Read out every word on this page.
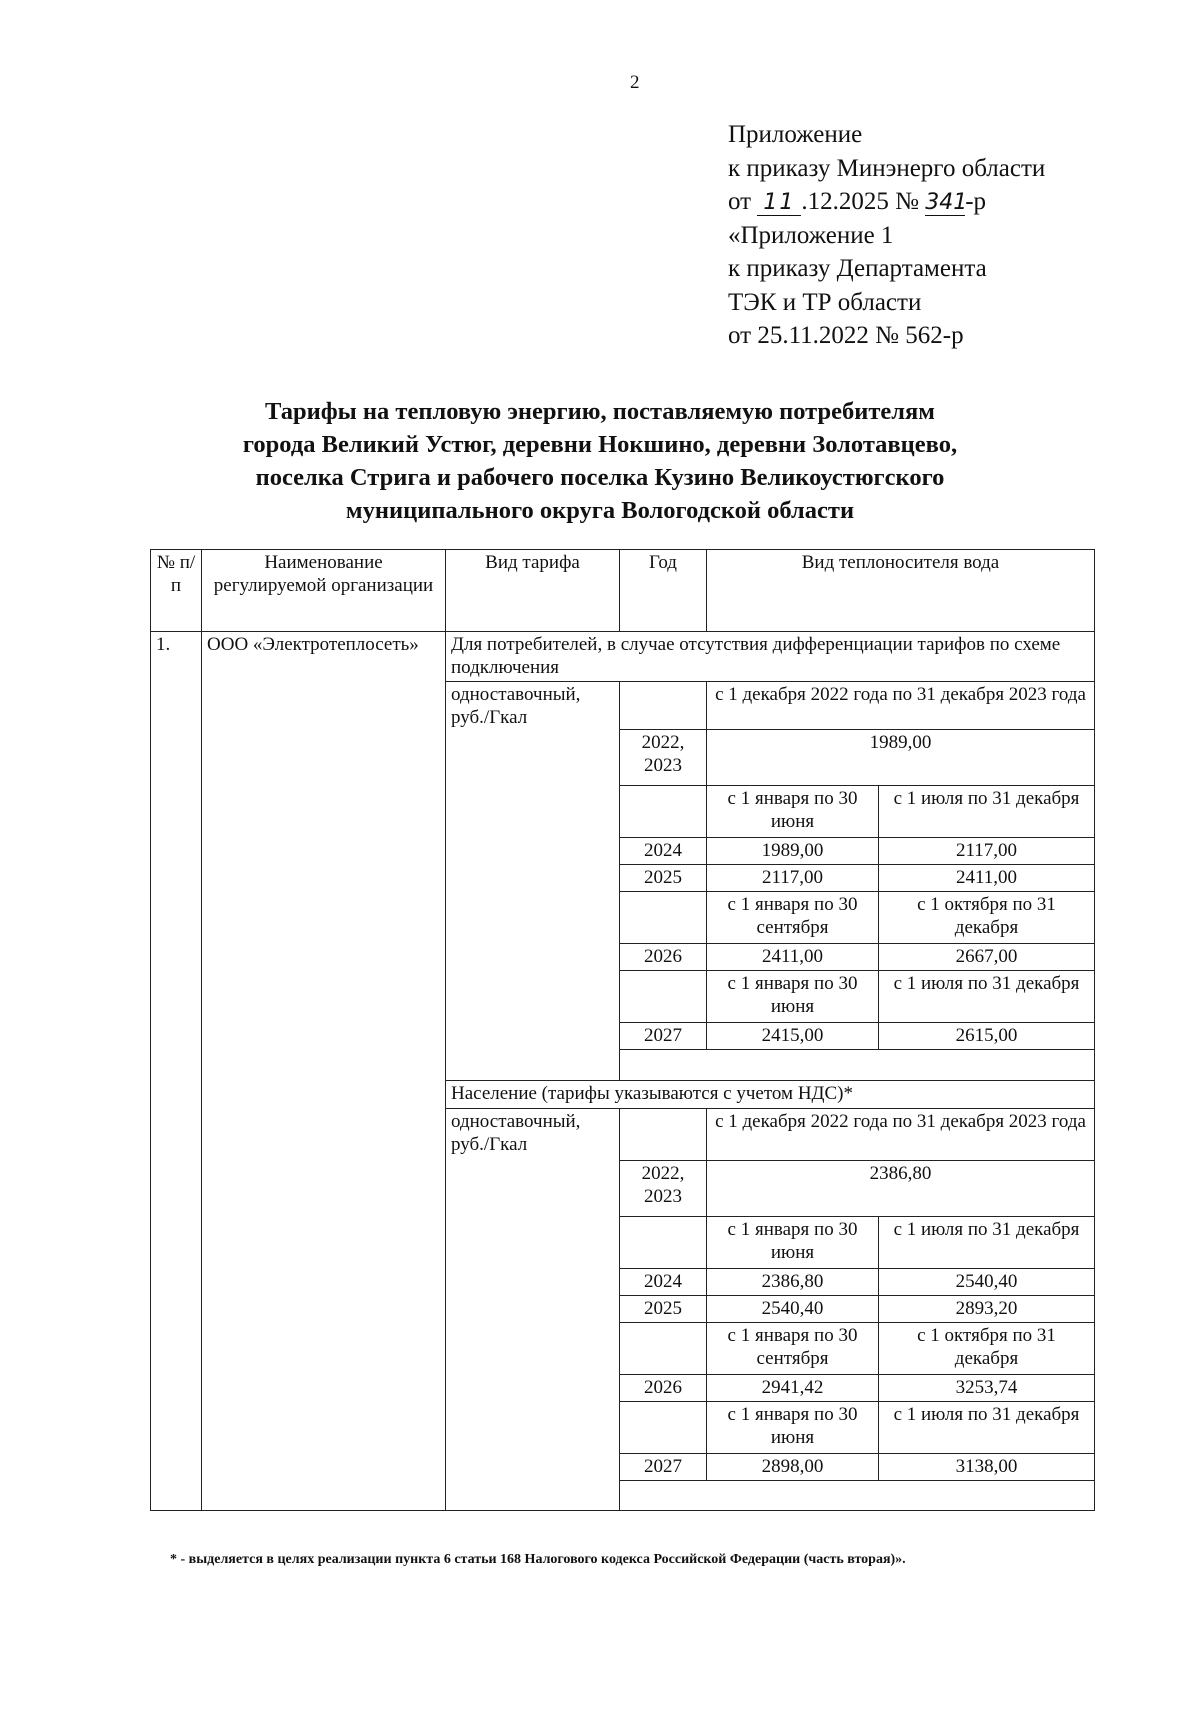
2
Приложение
к приказу Минэнерго области
от 11 .12.2025 № 341-р
«Приложение 1
к приказу Департамента
ТЭК и ТР области
от 25.11.2022 № 562-р
Тарифы на тепловую энергию, поставляемую потребителям
города Великий Устюг, деревни Нокшино, деревни Золотавцево,
поселка Стрига и рабочего поселка Кузино Великоустюгского
муниципального округа Вологодской области
№ п/п	Наименование регулируемой организации	Вид тарифа	Год	Вид теплоносителя вода	
1.	ООО «Электротеплосеть»	Для потребителей, в случае отсутствия дифференциации тарифов по схеме подключения			
		одноставочный, руб./Гкал		с 1 декабря 2022 года по 31 декабря 2023 года	
			2022, 2023	1989,00	
				с 1 января по 30 июня	с 1 июля по 31 декабря
			2024	1989,00	2117,00
			2025	2117,00	2411,00
				с 1 января по 30 сентября	с 1 октября по 31 декабря
			2026	2411,00	2667,00
				с 1 января по 30 июня	с 1 июля по 31 декабря
			2027	2415,00	2615,00

		Население (тарифы указываются с учетом НДС)*			
		одноставочный, руб./Гкал		с 1 декабря 2022 года по 31 декабря 2023 года	
			2022, 2023	2386,80	
				с 1 января по 30 июня	с 1 июля по 31 декабря
			2024	2386,80	2540,40
			2025	2540,40	2893,20
				с 1 января по 30 сентября	с 1 октября по 31 декабря
			2026	2941,42	3253,74
				с 1 января по 30 июня	с 1 июля по 31 декабря
			2027	2898,00	3138,00

* - выделяется в целях реализации пункта 6 статьи 168 Налогового кодекса Российской Федерации (часть вторая)».
